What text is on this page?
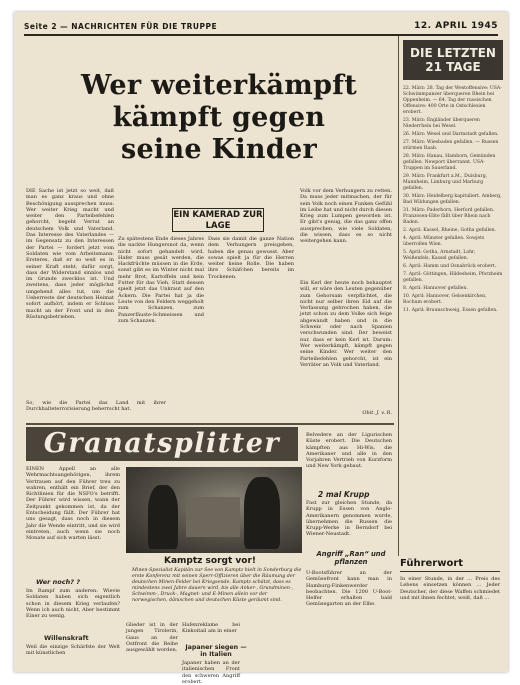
Seite 2 — NACHRICHTEN FÜR DIE TRUPPE	12. APRIL 1945
Wer weiterkämpft
kämpft gegen
seine Kinder
DIE LETZTEN 21 TAGE

22. März: 28. Tag der Westoffensive: USA-Schwimmpanzer überqueren Rhein bei Oppenheim. — 64. Tag der russischen Offensive: 400 Orte in Ostschlesien erobert.

23. März: Engländer überqueren Niederrhein bei Wesel.

26. März: Wesel und Darmstadt gefallen.

27. März: Wiesbaden gefallen. — Russen stürmen Raab.

28. März: Hanau, Hamborn, Gemünden gefallen. Newport überrannt. USA-Truppen im Sauerland.

29. März: Frankfurt a.M., Duisburg, Mannheim, Limburg und Marburg gefallen.

30. März: Heidelberg kapituliert. Amberg, Bad Wildungen gefallen.

31. März: Paderborn, Herford gefallen. Franzosen-Elite fällt über Rhein nach Baden.

2. April: Kassel, Rheine, Gotha gefallen.

4. April: Münster gefallen. Sowjets überrollen Wien.

5. April: Gotha, Arnstadt, Lohr, Weißenfels, Kassel gefallen.

6. April: Hamm und Osnabrück erobert.

7. April: Göttingen, Hildesheim, Pforzheim gefallen.

8. April: Hannover gefallen.

10. April: Hannover, Gelsenkirchen, Bochum erobert.

11. April: Braunschweig, Essen gefallen.

DIE Sache ist jetzt so weit, daß man es ganz kraus und ohne Beschönigung aussprechen muss: Wer weiter Krieg macht und weiter den Parteibefehlen gehorcht, begeht Verrat an deutschem Volk und Vaterland. Das Interesse des Vaterlandes — im Gegensatz zu den Interessen der Partei — fordert jetzt vom Soldaten wie vom Arbeitsmann: Ersteres, daß er so weit es in seiner Kraft steht, dafür sorgt, dass der Widerstand sinnlos und im Grunde zwecklos ist. Und zweitens, dass jeder möglichst umgehend alles tut, um die Ueberreste der deutschen Heimat sofort aufhört, indem er Schluss macht an der Front und in den Rüstungsbetrieben.
So, wie die Partei das Land mit ihrer Durchhalteterrorisierung beherrscht hat.
EIN KAMERAD ZUR LAGE
Zu spätestens Ende dieses Jahres die nackte Hungersnot da, wenn nicht sofort gehandelt wird. Hafer muss gesät werden, die Hackfrüchte müssen in die Erde, sonst gibt es im Winter nicht mal mehr Brot, Kartoffeln und kein Futter für das Vieh. Statt dessen spielt jetzt das Unkraut auf den Äckern. Die Partei hat ja die Leute von den Feldern weggeholt zum Schanzen, zum Panzerfäuste-Schmeissen und zum Schanzen.
Dass sie damit die ganze Nation dem Verhungern preisgeben, haben die genau gewusst. Aber sowas spielt ja für die Herren weiter keine Rolle. Die haben ihre Schäfchen bereits im Trockenen.
Volk vor dem Verhungern zu retten. Da muss jeder mitmachen, der für sein Volk noch einen Funken Gefühl im Leibe hat und nicht durch diesen Krieg zum Lumpen geworden ist. Er gibt's genug, die das ganz offen aussprechen, wie viele Soldaten, die wissen, dass es so nicht weitergehen kann.
Ein Kerl der heute noch behauptet will, er wäre den Leuten gegenüber zum Gehorsam verpflichtet, die nicht nur selber ihren Eid auf die Verfassung gebrochen haben, die jetzt schon zu dem Volke sich feige abgewandt haben und in die Schweiz oder nach Spanien verschwunden sind. Der beweist nur, dass er kein Kerl ist. Darum: Wer weiterkämpft, kämpft gegen seine Kinder. Wer weiter den Parteibefehlen gehorcht, ist ein Verräter an Volk und Vaterland.
Obit. J. v. R.
Granatsplitter
EINEN Appell an alle Wehrmachtsangehörigen, ihrem Vertrauen auf den Führer treu zu wahren, enthält ein Brief, der den Richtlinien für die NSFO's betrifft. Der Führer wird wissen, wann der Zeitpunkt gekommen ist, da der Entscheidung fällt. Der Führer hat uns gesagt, dass noch in diesem Jahr die Wende eintritt, und sie wird eintreten, auch wenn sie noch Monate auf sich warten lässt.
Wer noch? ?
Im Rampf zum anderen: Wievie Soldaten haben sich eigentlich schon in diesem Krieg verlaufen? Wenn ich auch nicht, Aber bestimmt Einer zu wenig.
Willenskraft
Weil die einzige Schärfste der Welt mit künstlichen
Kamptz sorgt vor!
Minen-Spezialist Kapitän zur See von Kamptz hielt in Sonderburg die erste Konferenz mit seinen Sperr-Offizieren über die Räumung der deutschen Minen-Felder bei Kriegsende. Kamptz schätzt, dass es mindestens zwei Jahre dauern wird, bis alle Anker-, Grundminen-, Schwimm-, Druck-, Magnet- und E-Minen allein vor der norwegischen, dänischen und deutschen Küste geräumt sind.
Glieder ist in der jungen Tirolerin, Gaus an der Ostfront die Reihe ausgewählt worden.
Hafenreklame bei Kinkoitail am in einer
Japaner siegen — in Italien
Japaner haben an der italienischen Front den schweren Angriff erobert.
Belvedere an der Ligurischen Küste erobert. Die Deutschen kämpften aus Hi-Wis, die Amerikaner und alle in den Vorjahren Vertrieb von Kurzform und New York gebaut.
2 mal Krupp
Fast zur gleichen Stunde, da Krupp in Essen von Anglo-Amerikanern genommen wurde, übernehmen die Russen die Krupp-Werke in Berndorf bei Wiener-Neustadt.
Angriff „Ran“ und pflanzen
U-Bootsführer an der Gemüsefront kann man in Hamburg-Finkenwerder beobachten. Die 1200 U-Boot-Helfer erhalten bald Gemüsegarten an der Elbe.
Führerwort
In einer Stunde, in der ... Preis des Lebens einsetzen können ... Jeder Deutscher, der diese Waffen schmiedet und mit ihnen fechtet, weiß, daß ...
